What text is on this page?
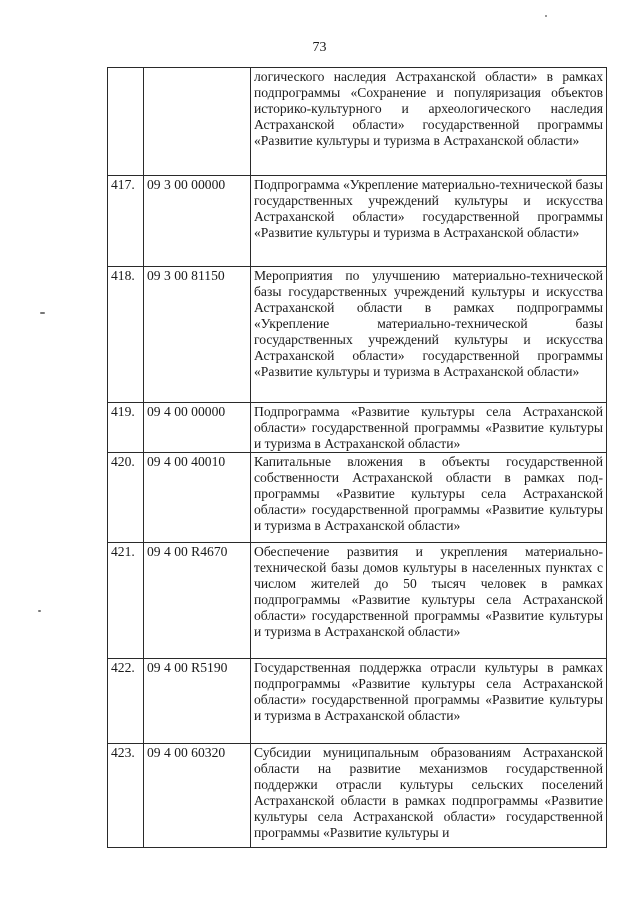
73
		логического наследия Астраханской области» в рамках подпрограммы «Сохранение и популяризация объектов историко-культурного и археологического наследия Астраханской области» государственной программы «Развитие культуры и туризма в Астраханской области»
417.	09 3 00 00000	Подпрограмма «Укрепление материально-технической базы государственных учреждений культуры и искусства Астраханской области» государственной программы «Развитие культуры и туризма в Астраханской области»
418.	09 3 00 81150	Мероприятия по улучшению материально-технической базы государственных учреждений культуры и искусства Астраханской области в рамках подпрограммы «Укрепление материально-технической базы государственных учреждений культуры и искусства Астраханской области» государственной программы «Развитие культуры и туризма в Астраханской области»
419.	09 4 00 00000	Подпрограмма «Развитие культуры села Астраханской области» государственной программы «Развитие культуры и туризма в Астраханской области»
420.	09 4 00 40010	Капитальные вложения в объекты государственной собственности Астраханской области в рамках подпрограммы «Развитие культуры села Астраханской области» государственной программы «Развитие культуры и туризма в Астраханской области»
421.	09 4 00 R4670	Обеспечение развития и укрепления материально-технической базы домов культуры в населенных пунктах с числом жителей до 50 тысяч человек в рамках подпрограммы «Развитие культуры села Астраханской области» государственной программы «Развитие культуры и туризма в Астраханской области»
422.	09 4 00 R5190	Государственная поддержка отрасли культуры в рамках подпрограммы «Развитие культуры села Астраханской области» государственной программы «Развитие культуры и туризма в Астраханской области»
423.	09 4 00 60320	Субсидии муниципальным образованиям Астраханской области на развитие механизмов государственной поддержки отрасли культуры сельских поселений Астраханской области в рамках подпрограммы «Развитие культуры села Астраханской области» государственной программы «Развитие культуры и
